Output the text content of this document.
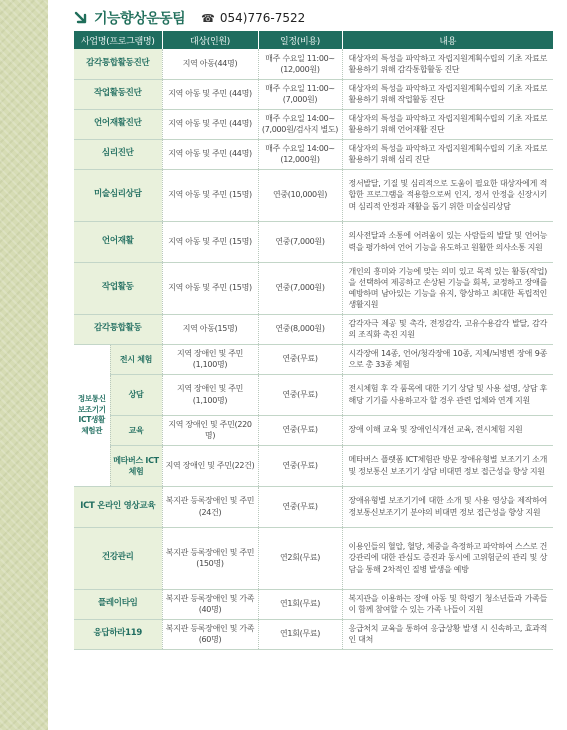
기능향상운동팀 ☎ 054)776-7522
사업명(프로그램명)		대상(인원)	일정(비용)	내용
감각통합활동진단		지역 아동(44명)	매주 수요일 11:00~ (12,000원)	대상자의 특성을 파악하고 자립지원계획수립의 기초 자료로 활용하기 위해 감각통합활동 진단
작업활동진단		지역 아동 및 주민 (44명)	매주 수요일 11:00~ (7,000원)	대상자의 특성을 파악하고 자립지원계획수립의 기초 자료로 활용하기 위해 작업활동 진단
언어재활진단		지역 아동 및 주민 (44명)	매주 수요일 14:00~ (7,000원/검사지 별도)	대상자의 특성을 파악하고 자립지원계획수립의 기초 자료로 활용하기 위해 언어재활 진단
심리진단		지역 아동 및 주민 (44명)	매주 수요일 14:00~ (12,000원)	대상자의 특성을 파악하고 자립지원계획수립의 기초 자료로 활용하기 위해 심리 진단
미술심리상담		지역 아동 및 주민 (15명)	연중(10,000원)	정서발달, 기질 및 심리적으로 도움이 필요한 대상자에게 적합한 프로그램을 적용함으로써 인지, 정서 안정을 신장시키며 심리적 안정과 재활을 돕기 위한 미술심리상담
언어재활		지역 아동 및 주민 (15명)	연중(7,000원)	의사전달과 소통에 어려움이 있는 사람들의 발달 및 언어능력을 평가하여 언어 기능을 유도하고 원활한 의사소통 지원
작업활동		지역 아동 및 주민 (15명)	연중(7,000원)	개인의 흥미와 기능에 맞는 의미 있고 목적 있는 활동(작업)을 선택하여 제공하고 손상된 기능을 회복, 교정하고 장애를 예방하며 남아있는 기능을 유지, 향상하고 최대한 독립적인 생활지원
감각통합활동		지역 아동(15명)	연중(8,000원)	감각자극 제공 및 촉각, 전정감각, 고유수용감각 발달, 감각의 조직화 촉진 지원
정보통신 보조기기 ICT생활 체험관	전시 체험	지역 장애인 및 주민(1,100명)	연중(무료)	시각장애 14종, 언어/청각장애 10종, 지체/뇌병변 장애 9종으로 총 33종 체험
	상담	지역 장애인 및 주민(1,100명)	연중(무료)	전시체험 후 각 품목에 대한 기기 상담 및 사용 설명, 상담 후 해당 기기를 사용하고자 할 경우 관련 업체와 연계 지원
	교육	지역 장애인 및 주민(220명)	연중(무료)	장애 이해 교육 및 장애인식개선 교육, 전시체험 지원
	메타버스 ICT체험	지역 장애인 및 주민(22건)	연중(무료)	메타버스 플랫폼 ICT체험관 방문 장애유형별 보조기기 소개 및 정보통신 보조기기 상담 비대면 정보 접근성을 향상 지원
ICT 온라인 영상교육		복지관 등록장애인 및 주민(24건)	연중(무료)	장애유형별 보조기기에 대한 소개 및 사용 영상을 제작하여 정보통신보조기기 분야의 비대면 정보 접근성을 향상 지원
건강관리		복지관 등록장애인 및 주민(150명)	연2회(무료)	이용인들의 혈압, 혈당, 체중을 측정하고 파악하여 스스로 건강관리에 대한 관심도 증진과 동시에 고위험군의 관리 및 상담을 통해 2차적인 질병 발생을 예방
플레이타임		복지관 등록장애인 및 가족(40명)	연1회(무료)	복지관을 이용하는 장애 아동 및 학령기 청소년들과 가족들이 함께 참여할 수 있는 가족 나들이 지원
응답하라119		복지관 등록장애인 및 가족(60명)	연1회(무료)	응급처치 교육을 통하여 응급상황 발생 시 신속하고, 효과적인 대처
